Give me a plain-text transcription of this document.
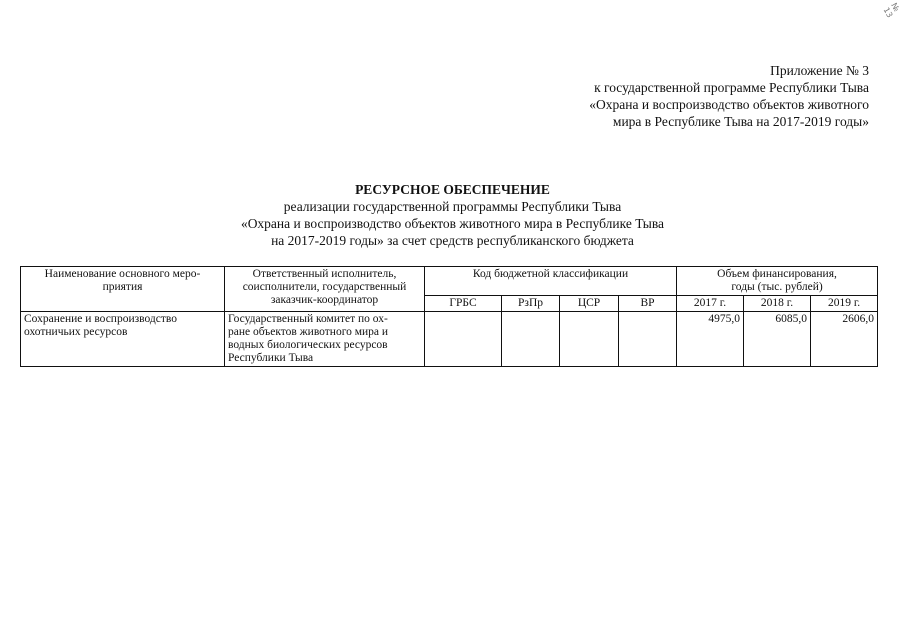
№ 13
Приложение № 3
к государственной программе Республики Тыва
«Охрана и воспроизводство объектов животного
мира в Республике Тыва на 2017-2019 годы»
РЕСУРСНОЕ ОБЕСПЕЧЕНИЕ
реализации государственной программы Республики Тыва
«Охрана и воспроизводство объектов животного мира в Республике Тыва
на 2017-2019 годы» за счет средств республиканского бюджета
Наименование основного меро-
приятия	Ответственный исполнитель,
соисполнители, государственный
заказчик-координатор	Код бюджетной классификации				Объем финансирования,
годы (тыс. рублей)		

		ГРБС	РзПр	ЦСР	ВР	2017 г.	2018 г.	2019 г.

Сохранение и воспроизводство
охотничьих ресурсов	Государственный комитет по ох-
ране объектов животного мира и
водных биологических ресурсов
Республики Тыва					4975,0	6085,0	2606,0
